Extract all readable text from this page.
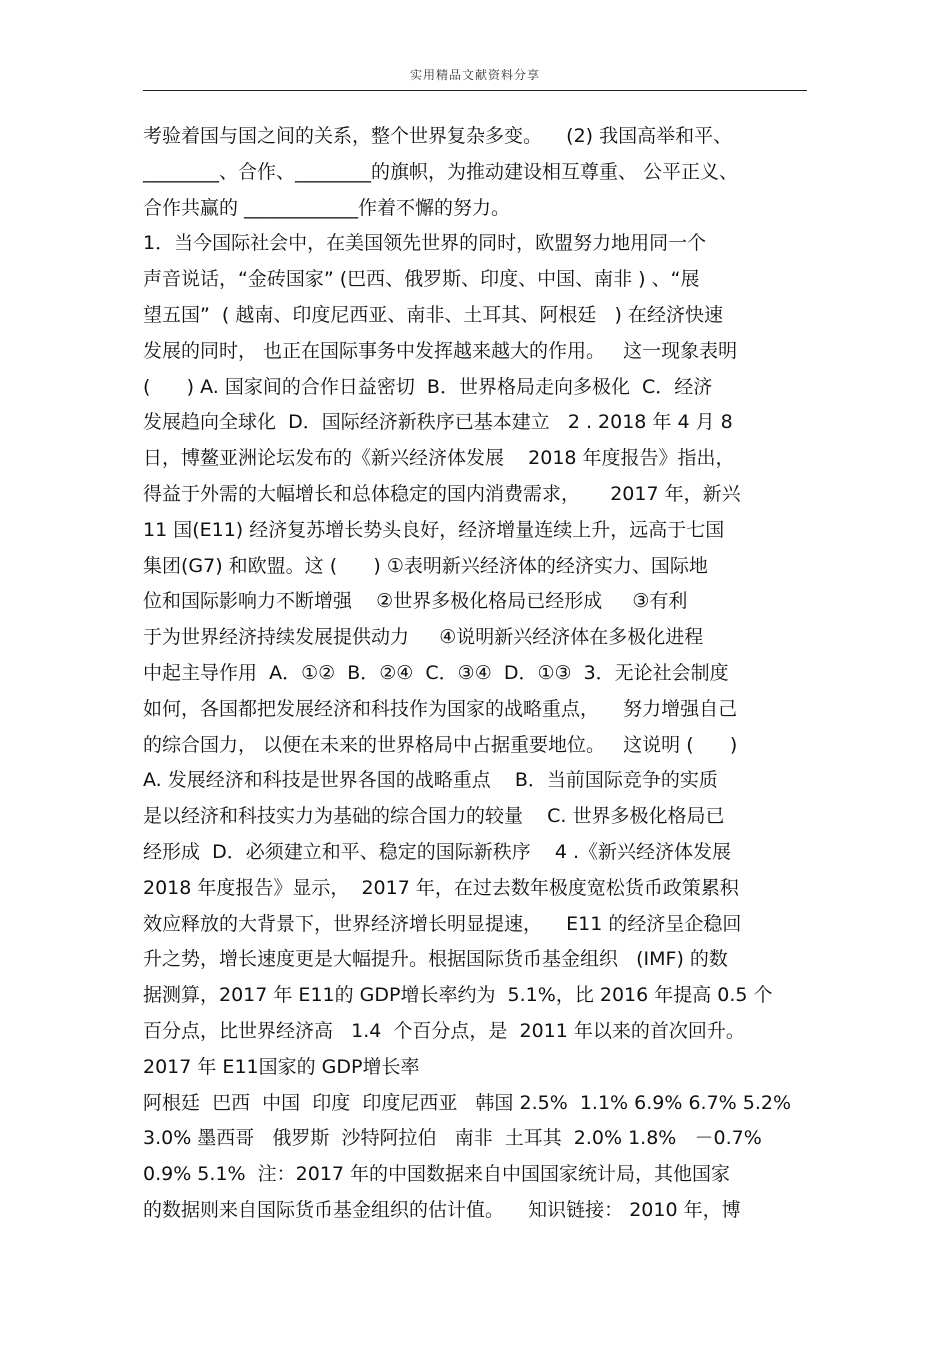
实用精品文献资料分享
考验着国与国之间的关系，整个世界复杂多变。    (2) 我国高举和平、
________、合作、________的旗帜，为推动建设相互尊重、 公平正义、
合作共赢的 ____________作着不懈的努力。
1．当今国际社会中，在美国领先世界的同时，欧盟努力地用同一个
声音说话，“金砖国家” (巴西、俄罗斯、印度、中国、南非 ) 、“展
望五国”  ( 越南、印度尼西亚、南非、土耳其、阿根廷   ) 在经济快速
发展的同时， 也正在国际事务中发挥越来越大的作用。   这一现象表明
(      ) A. 国家间的合作日益密切  B．世界格局走向多极化  C．经济
发展趋向全球化  D．国际经济新秩序已基本建立   2 . 2018 年 4 月 8
日，博鳌亚洲论坛发布的《新兴经济体发展    2018 年度报告》指出，
得益于外需的大幅增长和总体稳定的国内消费需求，     2017 年，新兴
11 国(E11) 经济复苏增长势头良好，经济增量连续上升，远高于七国
集团(G7) 和欧盟。这 (      ) ①表明新兴经济体的经济实力、国际地
位和国际影响力不断增强    ②世界多极化格局已经形成     ③有利
于为世界经济持续发展提供动力     ④说明新兴经济体在多极化进程
中起主导作用  A．①②  B．②④  C．③④  D．①③  3．无论社会制度
如何，各国都把发展经济和科技作为国家的战略重点，    努力增强自己
的综合国力， 以便在未来的世界格局中占据重要地位。   这说明 (      )
A. 发展经济和科技是世界各国的战略重点    B．当前国际竞争的实质
是以经济和科技实力为基础的综合国力的较量    C. 世界多极化格局已
经形成  D．必须建立和平、稳定的国际新秩序    4 .《新兴经济体发展
2018 年度报告》显示，  2017 年，在过去数年极度宽松货币政策累积
效应释放的大背景下，世界经济增长明显提速，    E11 的经济呈企稳回
升之势，增长速度更是大幅提升。根据国际货币基金组织   (IMF) 的数
据测算，2017 年 E11的 GDP增长率约为  5.1%，比 2016 年提高 0.5 个
百分点，比世界经济高   1.4  个百分点，是  2011 年以来的首次回升。
2017 年 E11国家的 GDP增长率
阿根廷  巴西  中国  印度  印度尼西亚   韩国 2.5%  1.1% 6.9% 6.7% 5.2%
3.0% 墨西哥   俄罗斯  沙特阿拉伯   南非  土耳其  2.0% 1.8%   －0.7%
0.9% 5.1%  注：2017 年的中国数据来自中国国家统计局，其他国家
的数据则来自国际货币基金组织的估计值。    知识链接： 2010 年，博
